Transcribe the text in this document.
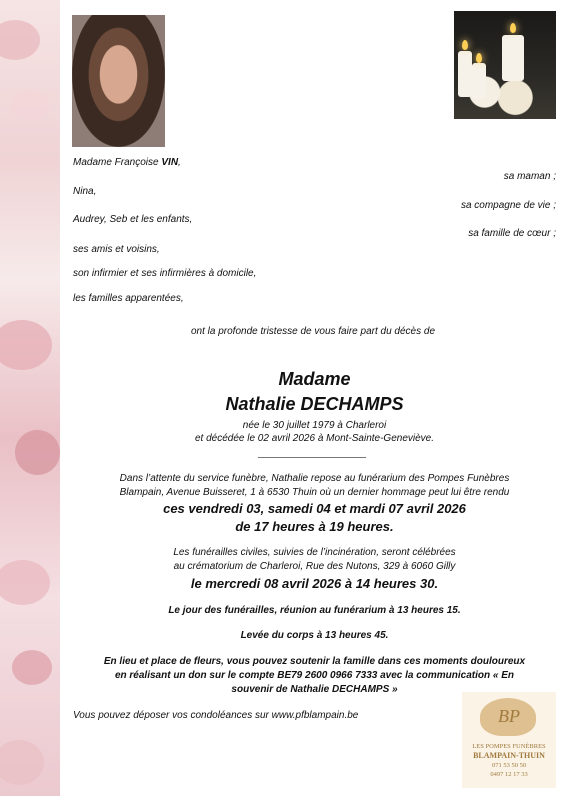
Madame Françoise VIN,
sa maman ;
Nina,
sa compagne de vie ;
Audrey, Seb et les enfants,
sa famille de cœur ;
ses amis et voisins,
son infirmier et ses infirmières à domicile,
les familles apparentées,
ont la profonde tristesse de vous faire part du décès de
Madame
Nathalie DECHAMPS
née le 30 juillet 1979 à Charleroi
et décédée le 02 avril 2026 à Mont-Sainte-Geneviève.
Dans l’attente du service funèbre, Nathalie repose au funérarium des Pompes Funèbres
Blampain, Avenue Buisseret, 1 à 6530 Thuin où un dernier hommage peut lui être rendu
ces vendredi 03, samedi 04 et mardi 07 avril 2026
de 17 heures à 19 heures.
Les funérailles civiles, suivies de l’incinération, seront célébrées
au crématorium de Charleroi, Rue des Nutons, 329 à 6060 Gilly
le mercredi 08 avril 2026 à 14 heures 30.
Le jour des funérailles, réunion au funérarium à 13 heures 15.
Levée du corps à 13 heures 45.
En lieu et place de fleurs, vous pouvez soutenir la famille dans ces moments douloureux
en réalisant un don sur le compte BE79 2600 0966 7333 avec la communication « En
souvenir de Nathalie DECHAMPS »
Vous pouvez déposer vos condoléances sur www.pfblampain.be	BP
LES POMPES FUNÈBRES
BLAMPAIN-THUIN
071 53 50 50
0497 12 17 33
